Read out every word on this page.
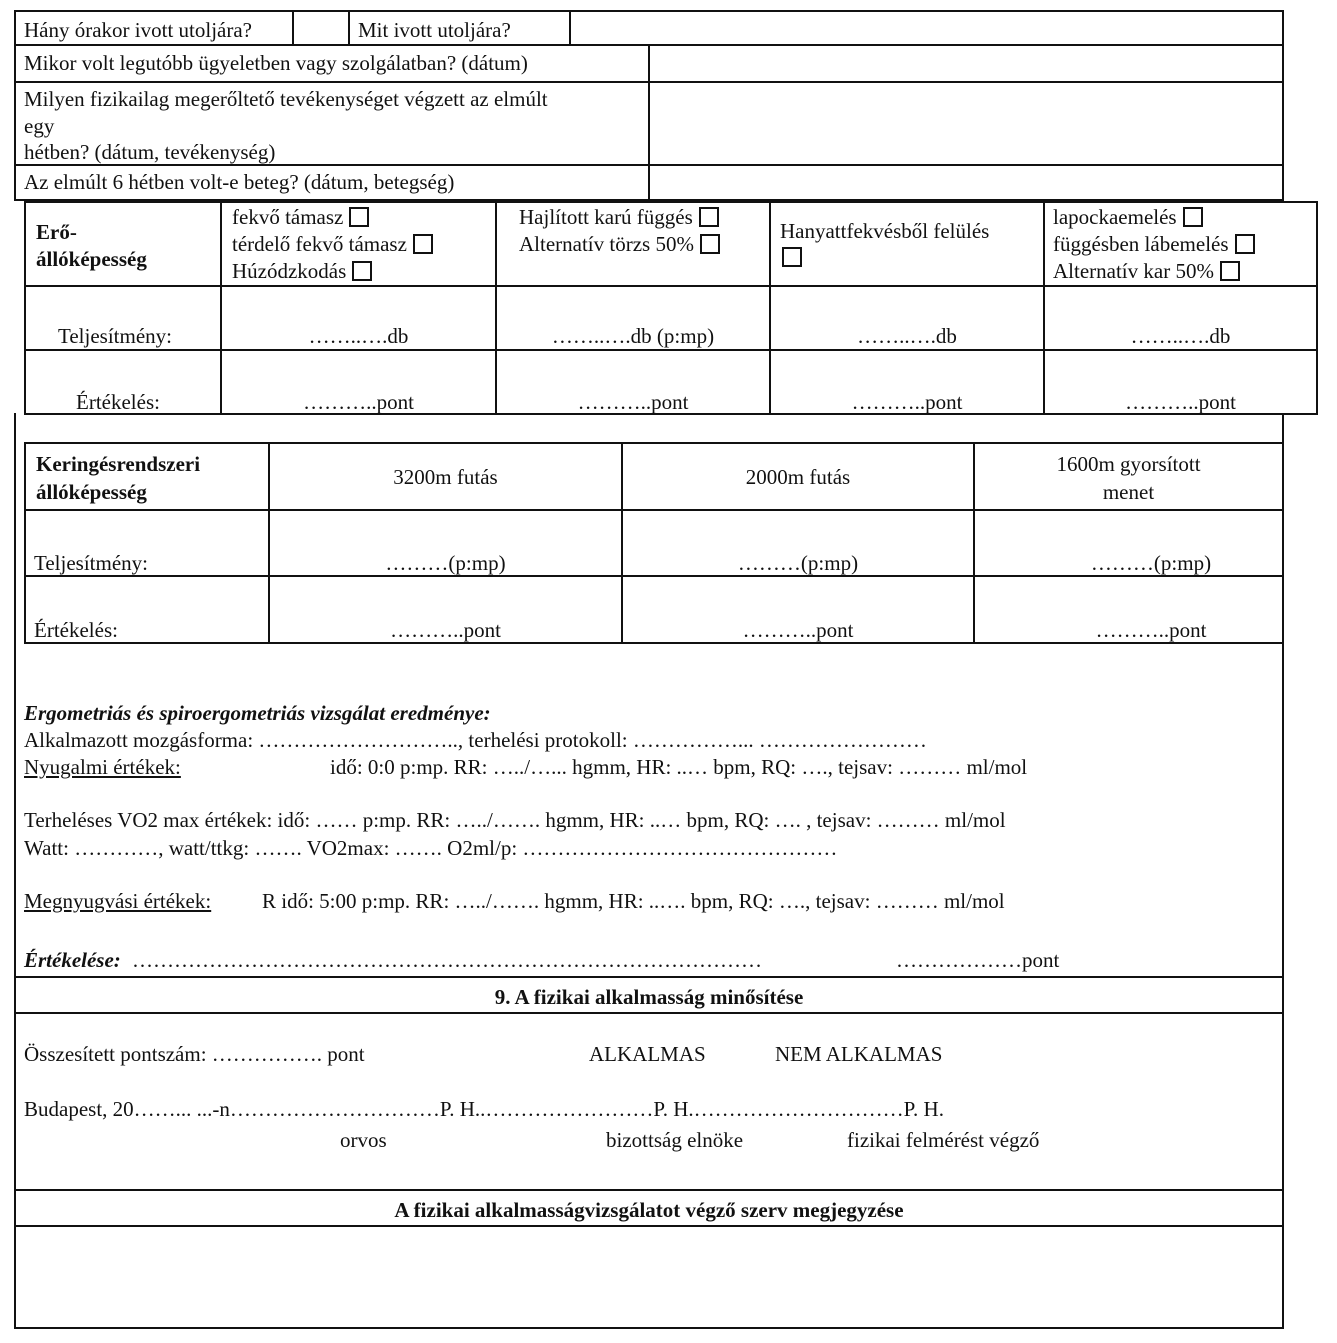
Hány órakor ivott utoljára?	Mit ivott utoljára?
Mikor volt legutóbb ügyeletben vagy szolgálatban? (dátum)
Milyen fizikailag megerőltető tevékenységet végzett az elmúlt
egy
hétben? (dátum, tevékenység)
Az elmúlt 6 hétben volt-e beteg? (dátum, betegség)
Erő-
állóképesség
fekvő támasz
térdelő fekvő támasz
Húzódzkodás
Hajlított karú függés
Alternatív törzs 50%
Hanyattfekvésből felülés
lapockaemelés
függésben lábemelés
Alternatív kar 50%
Teljesítmény:	……..….db	……..….db (p:mp)	……..….db	……..….db
Értékelés:	………..pont	………..pont	………..pont	………..pont
Keringésrendszeri
állóképesség
3200m futás	2000m futás
1600m gyorsított
menet
Teljesítmény:	………(p:mp)	………(p:mp)	………(p:mp)
Értékelés:	………..pont	………..pont	………..pont
Ergometriás és spiroergometriás vizsgálat eredménye:
Alkalmazott mozgásforma: ……………………….., terhelési protokoll: ……………... ……………………
Nyugalmi értékek:	idő: 0:0 p:mp. RR: …../…... hgmm, HR: ..… bpm, RQ: …., tejsav: ……… ml/mol
Terheléses VO2 max értékek: idő: …… p:mp. RR: …../……. hgmm, HR: ..… bpm, RQ: …. , tejsav: ……… ml/mol
Watt: …………, watt/ttkg: ……. VO2max: ……. O2ml/p: ………………………………………
Megnyugvási értékek: R idő: 5:00 p:mp. RR: …../……. hgmm, HR: ..…. bpm, RQ: …., tejsav: ……… ml/mol
Értékelése: ………………………………………………………………………………	………………pont
9. A fizikai alkalmasság minősítése
Összesített pontszám: ……………. pont	ALKALMAS	NEM ALKALMAS
Budapest, 20……... ...-n…………………………P. H..……………………P. H.…………………………P. H.
orvos	bizottság elnöke	fizikai felmérést végző
A fizikai alkalmasságvizsgálatot végző szerv megjegyzése
